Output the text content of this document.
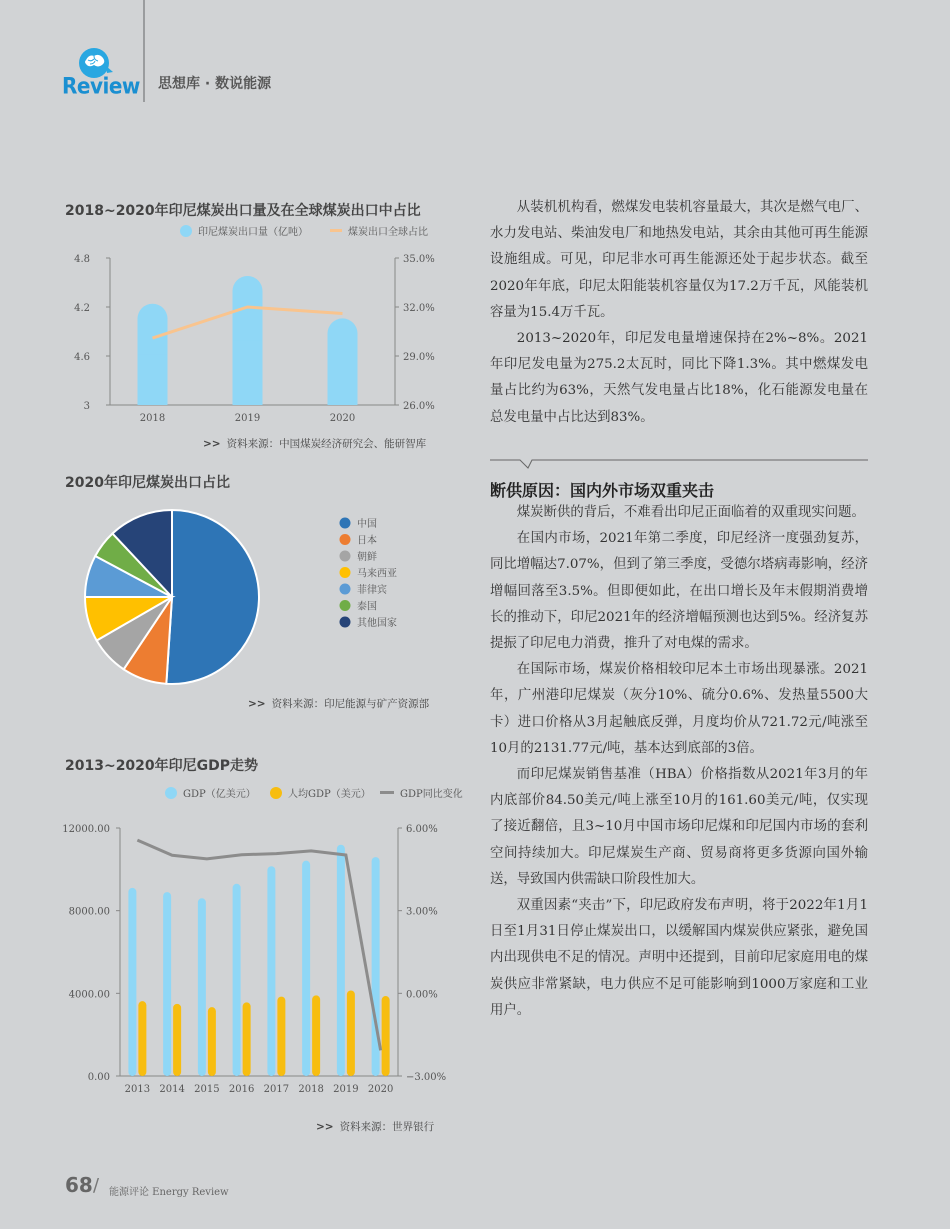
Review 思想库 · 数说能源
2018~2020年印尼煤炭出口量及在全球煤炭出口中占比
印尼煤炭出口量（亿吨）	煤炭出口全球占比
4.8
4.2
4.6
3
35.0%
32.0%
29.0%
26.0%
2018	2019	2020
>> 资料来源：中国煤炭经济研究会、能研智库
2020年印尼煤炭出口占比
中国
日本
朝鲜
马来西亚
菲律宾
泰国
其他国家
>> 资料来源：印尼能源与矿产资源部
2013~2020年印尼GDP走势
GDP（亿美元）	人均GDP（美元）	GDP同比变化
12000.00
8000.00
4000.00
0.00
6.00%
3.00%
0.00%
−3.00%
2013 2014 2015 2016 2017 2018 2019 2020
>> 资料来源：世界银行

从装机机构看，燃煤发电装机容量最大，其次是燃气电厂、水力发电站、柴油发电厂和地热发电站，其余由其他可再生能源设施组成。可见，印尼非水可再生能源还处于起步状态。截至2020年年底，印尼太阳能装机容量仅为17.2万千瓦，风能装机容量为15.4万千瓦。

2013~2020年，印尼发电量增速保持在2%~8%。2021年印尼发电量为275.2太瓦时，同比下降1.3%。其中燃煤发电量占比约为63%，天然气发电量占比18%，化石能源发电量在总发电量中占比达到83%。

断供原因：国内外市场双重夹击

煤炭断供的背后，不难看出印尼正面临着的双重现实问题。

在国内市场，2021年第二季度，印尼经济一度强劲复苏，同比增幅达7.07%，但到了第三季度，受德尔塔病毒影响，经济增幅回落至3.5%。但即便如此，在出口增长及年末假期消费增长的推动下，印尼2021年的经济增幅预测也达到5%。经济复苏提振了印尼电力消费，推升了对电煤的需求。

在国际市场，煤炭价格相较印尼本土市场出现暴涨。2021年，广州港印尼煤炭（灰分10%、硫分0.6%、发热量5500大卡）进口价格从3月起触底反弹，月度均价从721.72元/吨涨至10月的2131.77元/吨，基本达到底部的3倍。

而印尼煤炭销售基准（HBA）价格指数从2021年3月的年内底部价84.50美元/吨上涨至10月的161.60美元/吨，仅实现了接近翻倍，且3~10月中国市场印尼煤和印尼国内市场的套利空间持续加大。印尼煤炭生产商、贸易商将更多货源向国外输送，导致国内供需缺口阶段性加大。

双重因素“夹击”下，印尼政府发布声明，将于2022年1月1日至1月31日停止煤炭出口，以缓解国内煤炭供应紧张，避免国内出现供电不足的情况。声明中还提到，目前印尼家庭用电的煤炭供应非常紧缺，电力供应不足可能影响到1000万家庭和工业用户。

68 / 能源评论 Energy Review
